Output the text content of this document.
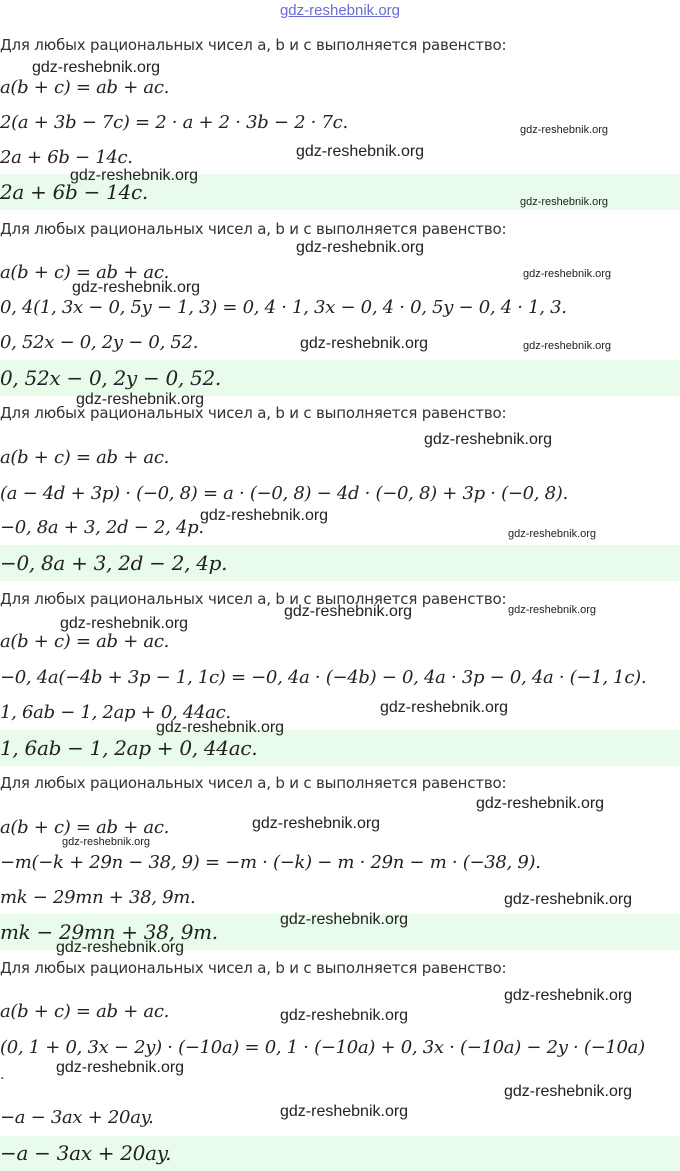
gdz-reshebnik.org
Для любых рациональных чисел a, b и c выполняется равенство:
a(b + c) = ab + ac.
2(a + 3b − 7c) = 2 · a + 2 · 3b − 2 · 7c.
2a + 6b − 14c.
2a + 6b − 14c.
Для любых рациональных чисел a, b и c выполняется равенство:
a(b + c) = ab + ac.
0, 4(1, 3x − 0, 5y − 1, 3) = 0, 4 · 1, 3x − 0, 4 · 0, 5y − 0, 4 · 1, 3.
0, 52x − 0, 2y − 0, 52.
0, 52x − 0, 2y − 0, 52.
Для любых рациональных чисел a, b и c выполняется равенство:
a(b + c) = ab + ac.
(a − 4d + 3p) · (−0, 8) = a · (−0, 8) − 4d · (−0, 8) + 3p · (−0, 8).
−0, 8a + 3, 2d − 2, 4p.
−0, 8a + 3, 2d − 2, 4p.
Для любых рациональных чисел a, b и c выполняется равенство:
a(b + c) = ab + ac.
−0, 4a(−4b + 3p − 1, 1c) = −0, 4a · (−4b) − 0, 4a · 3p − 0, 4a · (−1, 1c).
1, 6ab − 1, 2ap + 0, 44ac.
1, 6ab − 1, 2ap + 0, 44ac.
Для любых рациональных чисел a, b и c выполняется равенство:
a(b + c) = ab + ac.
−m(−k + 29n − 38, 9) = −m · (−k) − m · 29n − m · (−38, 9).
mk − 29mn + 38, 9m.
mk − 29mn + 38, 9m.
Для любых рациональных чисел a, b и c выполняется равенство:
a(b + c) = ab + ac.
(0, 1 + 0, 3x − 2y) · (−10a) = 0, 1 · (−10a) + 0, 3x · (−10a) − 2y · (−10a)
.
−a − 3ax + 20ay.
−a − 3ax + 20ay.
gdz-reshebnik.org
gdz-reshebnik.org
gdz-reshebnik.org
gdz-reshebnik.org
gdz-reshebnik.org
gdz-reshebnik.org
gdz-reshebnik.org
gdz-reshebnik.org
gdz-reshebnik.org	gdz-reshebnik.org
gdz-reshebnik.org
gdz-reshebnik.org
gdz-reshebnik.org
gdz-reshebnik.org
gdz-reshebnik.org	gdz-reshebnik.org
gdz-reshebnik.org
gdz-reshebnik.org
gdz-reshebnik.org
gdz-reshebnik.org
gdz-reshebnik.org
gdz-reshebnik.org
gdz-reshebnik.org
gdz-reshebnik.org
gdz-reshebnik.org
gdz-reshebnik.org
gdz-reshebnik.org
gdz-reshebnik.org
gdz-reshebnik.org
gdz-reshebnik.org
